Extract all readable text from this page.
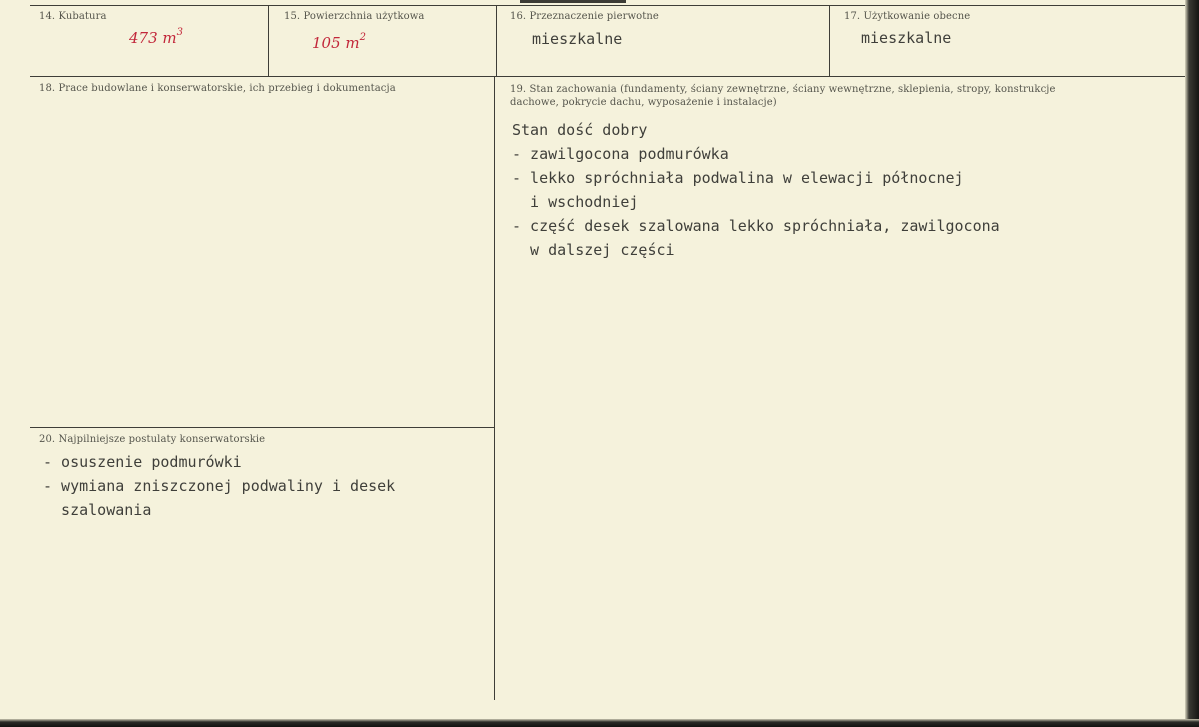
14. Kubatura
473 $m^3$
15. Powierzchnia użytkowa
105 $m^2$
16. Przeznaczenie pierwotne
mieszkalne
17. Użytkowanie obecne
mieszkalne
18. Prace budowlane i konserwatorskie, ich przebieg i dokumentacja	19. Stan zachowania (fundamenty, ściany zewnętrzne, ściany wewnętrzne, sklepienia, stropy, konstrukcje dachowe, pokrycie dachu, wyposażenie i instalacje)
Stan dość dobry
- zawilgocona podmurówka
- lekko spróchniała podwalina w elewacji północnej
i wschodniej
- część desek szalowana lekko spróchniała, zawilgocona
w dalszej części
20. Najpilniejsze postulaty konserwatorskie
- osuszenie podmurówki
- wymiana zniszczonej podwaliny i desek
szalowania
